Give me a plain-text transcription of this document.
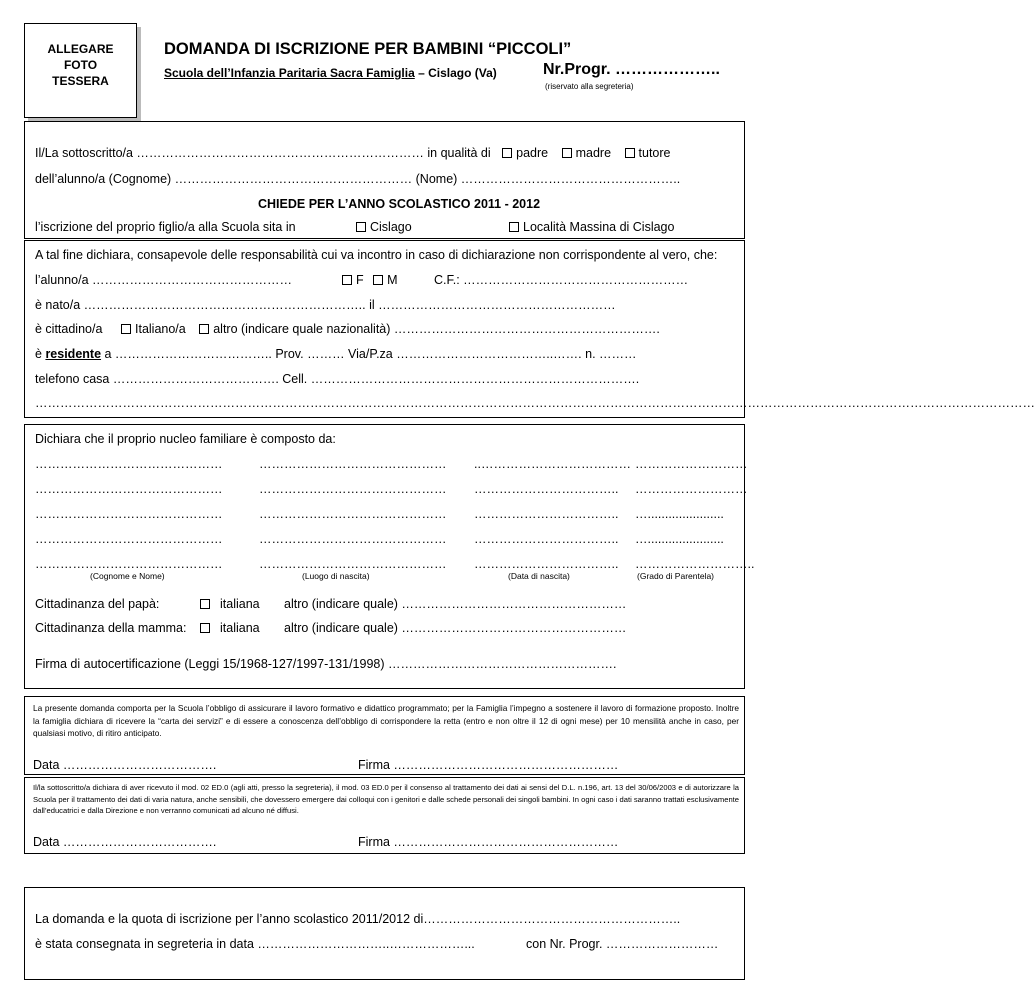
ALLEGARE
FOTO
TESSERA
DOMANDA DI ISCRIZIONE PER BAMBINI “PICCOLI”
Scuola dell’Infanzia Paritaria Sacra Famiglia – Cislago (Va)	Nr.Progr. ………………..
(riservato alla segreteria)
Il/La sottoscritto/a …………………………………………………………… in qualità di padre madre tutore
dell’alunno/a (Cognome) ………………………………………………… (Nome) ……………………………………………..
CHIEDE PER L’ANNO SCOLASTICO 2011 - 2012
l’iscrizione del proprio figlio/a alla Scuola sita in	Cislago	Località Massina di Cislago
A tal fine dichiara, consapevole delle responsabilità cui va incontro in caso di dichiarazione non corrispondente al vero, che:
l’alunno/a …………………………………………	F M	C.F.: ………………………………………………
è nato/a ………………………………………………………….. il …………………………………………………
è cittadino/a	Italiano/a altro (indicare quale nazionalità) ……………………………………………………….
è residente a ……………………………….. Prov. ……… Via/P.za ………………………………..……. n. ………
telefono casa …………………………………. Cell. …………………………………………………………………….
……………………………………………………………………………………………………………………………………………………………………………………………………………………
Dichiara che il proprio nucleo familiare è composto da:
………………………………………	……………………………………… ..……………………………… ………………………
………………………………………	……………………………………… …………………………….. ………………………
………………………………………	……………………………………… …………………………….. …......................
………………………………………	……………………………………… …………………………….. …......................
………………………………………	……………………………………… …………………………….. ………………………..
(Cognome e Nome)	(Luogo di nascita)	(Data di nascita)	(Grado di Parentela)
Cittadinanza del papà:	italiana altro (indicare quale) ………………………………………………
Cittadinanza della mamma:	italiana altro (indicare quale) ………………………………………………
Firma di autocertificazione (Leggi 15/1968-127/1997-131/1998) ……………………………………………….
La presente domanda comporta per la Scuola l’obbligo di assicurare il lavoro formativo e didattico programmato; per la Famiglia l’impegno a sostenere il lavoro di formazione proposto. Inoltre la famiglia dichiara di ricevere la “carta dei servizi” e di essere a conoscenza dell’obbligo di corrispondere la retta (entro e non oltre il 12 di ogni mese) per 10 mensilità anche in caso, per qualsiasi motivo, di ritiro anticipato.
Data ……………………………….	Firma ………………………………………………
Il/la sottoscritto/a dichiara di aver ricevuto il mod. 02 ED.0 (agli atti, presso la segreteria), il mod. 03 ED.0 per il consenso al trattamento dei dati ai sensi del D.L. n.196, art. 13 del 30/06/2003 e di autorizzare la Scuola per il trattamento dei dati di varia natura, anche sensibili, che dovessero emergere dai colloqui con i genitori e dalle schede personali dei singoli bambini. In ogni caso i dati saranno trattati esclusivamente dall’educatrici e dalla Direzione e non verranno comunicati ad alcuno né diffusi.
Data ……………………………….	Firma ………………………………………………
La domanda e la quota di iscrizione per l’anno scolastico 2011/2012 di……………………………………………………..
è stata consegnata in segreteria in data …………………………..………………...	con Nr. Progr. ………………………
